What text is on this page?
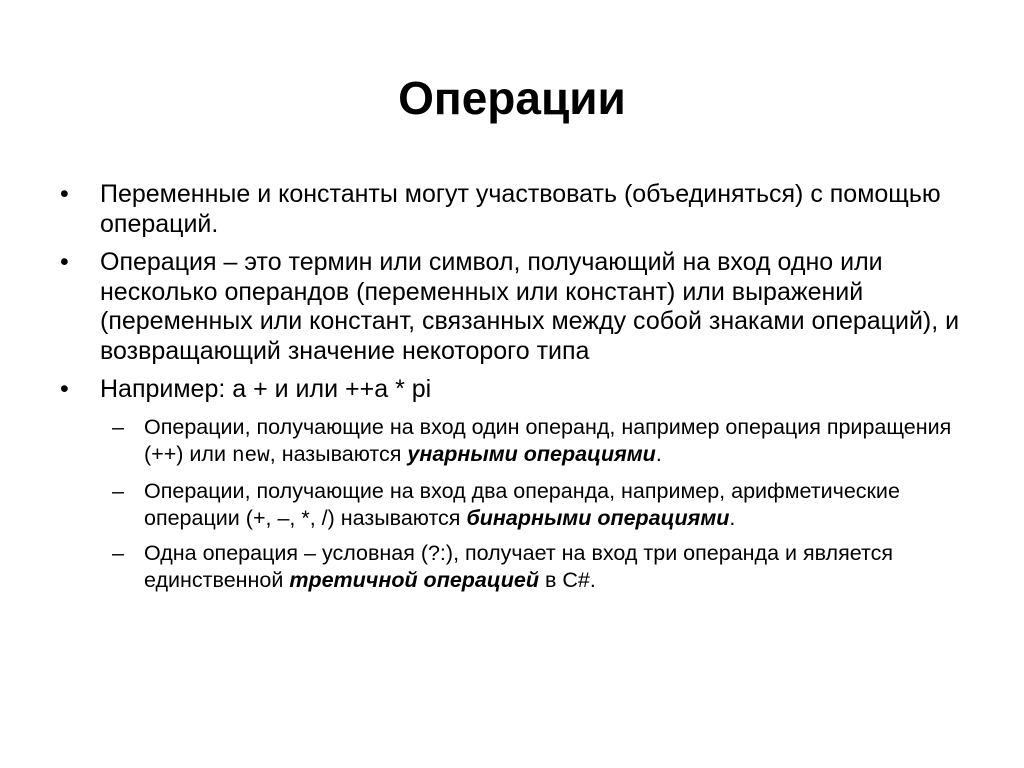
Операции
•	Переменные и константы могут участвовать (объединяться) с помощью операций.
•	Операция – это термин или символ, получающий на вход одно или несколько операндов (переменных или констант) или выражений (переменных или констант, связанных между собой знаками операций), и возвращающий значение некоторого типа
•	Например: a + и или ++a * pi
– Операции, получающие на вход один операнд, например операция приращения (++) или new, называются унарными операциями.
– Операции, получающие на вход два операнда, например, арифметические операции (+, –, *, /) называются бинарными операциями.
– Одна операция – условная (?:), получает на вход три операнда и является единственной третичной операцией в C#.
